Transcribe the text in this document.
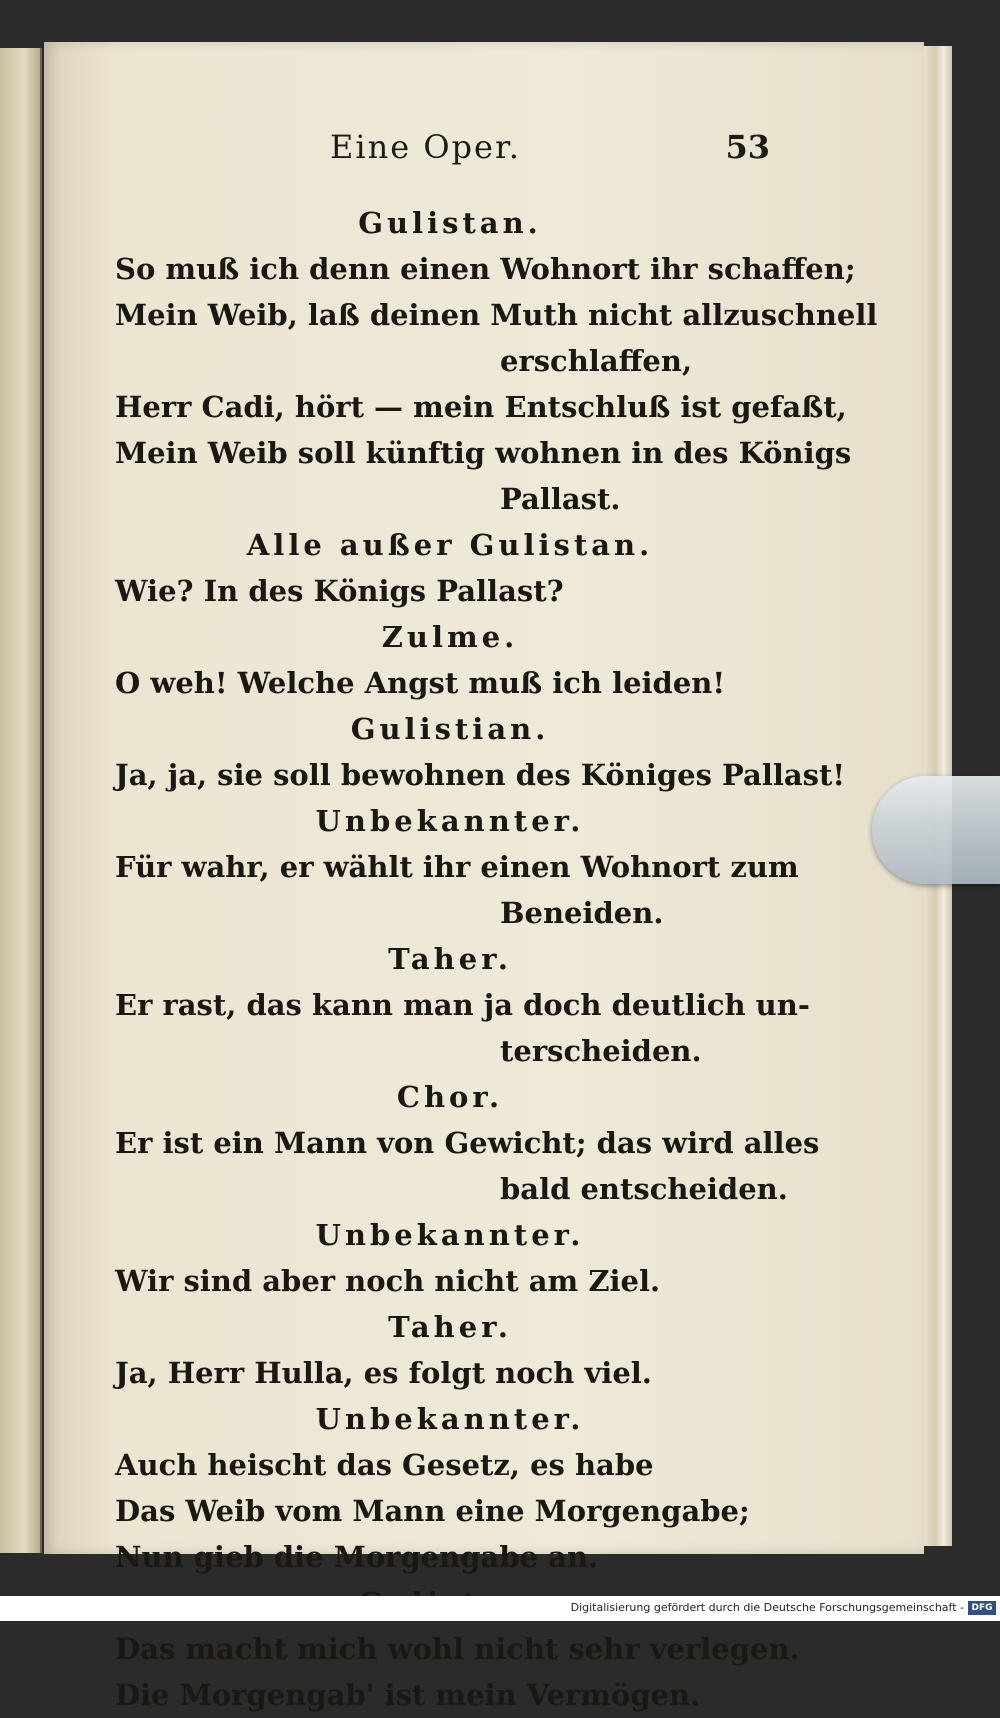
Eine Oper.	53
Gulistan.
So muß ich denn einen Wohnort ihr schaffen;
Mein Weib, laß deinen Muth nicht allzuschnell
erschlaffen,
Herr Cadi, hört — mein Entschluß ist gefaßt,
Mein Weib soll künftig wohnen in des Königs
Pallast.
Alle außer Gulistan.
Wie? In des Königs Pallast?
Zulme.
O weh! Welche Angst muß ich leiden!
Gulistian.
Ja, ja, sie soll bewohnen des Königes Pallast!
Unbekannter.
Für wahr, er wählt ihr einen Wohnort zum
Beneiden.
Taher.
Er rast, das kann man ja doch deutlich un-
terscheiden.
Chor.
Er ist ein Mann von Gewicht; das wird alles
bald entscheiden.
Unbekannter.
Wir sind aber noch nicht am Ziel.
Taher.
Ja, Herr Hulla, es folgt noch viel.
Unbekannter.
Auch heischt das Gesetz, es habe
Das Weib vom Mann eine Morgengabe;
Nun gieb die Morgengabe an.
Das macht mich wohl nicht sehr verlegen.
Die Morgengab' ist mein Vermögen.
Digitalisierung gefördert durch die Deutsche Forschungsgemeinschaft - DFG
